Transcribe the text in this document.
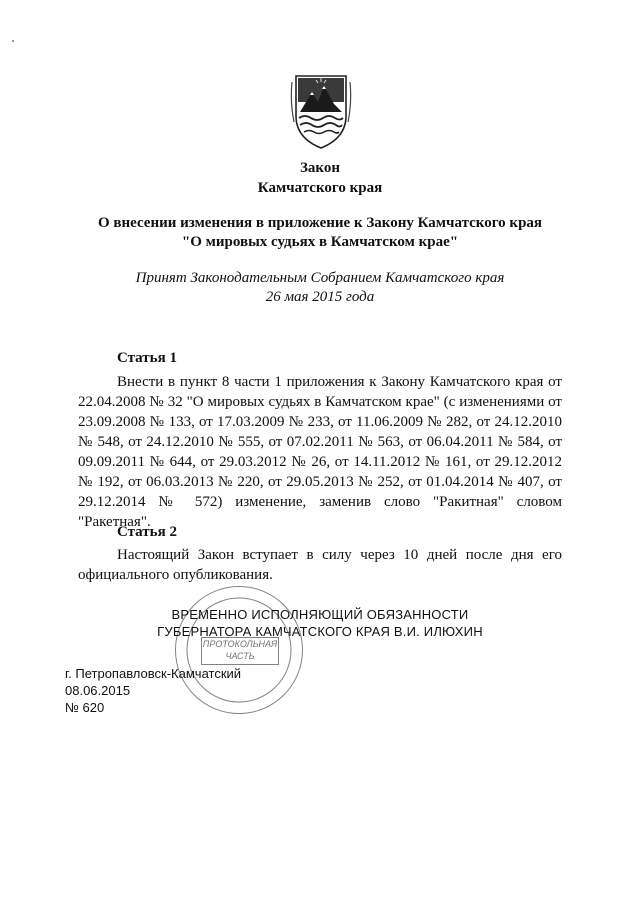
Закон
Камчатского края
О внесении изменения в приложение к Закону Камчатского края
"О мировых судьях в Камчатском крае"
Принят Законодательным Собранием Камчатского края
26 мая 2015 года
Статья 1
Внести в пункт 8 части 1 приложения к Закону Камчатского края от 22.04.2008 № 32 "О мировых судьях в Камчатском крае" (с изменениями от 23.09.2008 № 133, от 17.03.2009 № 233, от 11.06.2009 № 282, от 24.12.2010 № 548, от 24.12.2010 № 555, от 07.02.2011 № 563, от 06.04.2011 № 584, от 09.09.2011 № 644, от 29.03.2012 № 26, от 14.11.2012 № 161, от 29.12.2012 № 192, от 06.03.2013 № 220, от 29.05.2013 № 252, от 01.04.2014 № 407, от 29.12.2014 № 572) изменение, заменив слово "Ракитная" словом "Ракетная".
Статья 2
Настоящий Закон вступает в силу через 10 дней после дня его официального опубликования.
ПРОТОКОЛЬНАЯ
ЧАСТЬ
ВРЕМЕННО ИСПОЛНЯЮЩИЙ ОБЯЗАННОСТИ
ГУБЕРНАТОРА КАМЧАТСКОГО КРАЯ В.И. ИЛЮХИН
г. Петропавловск-Камчатский
08.06.2015
№ 620
